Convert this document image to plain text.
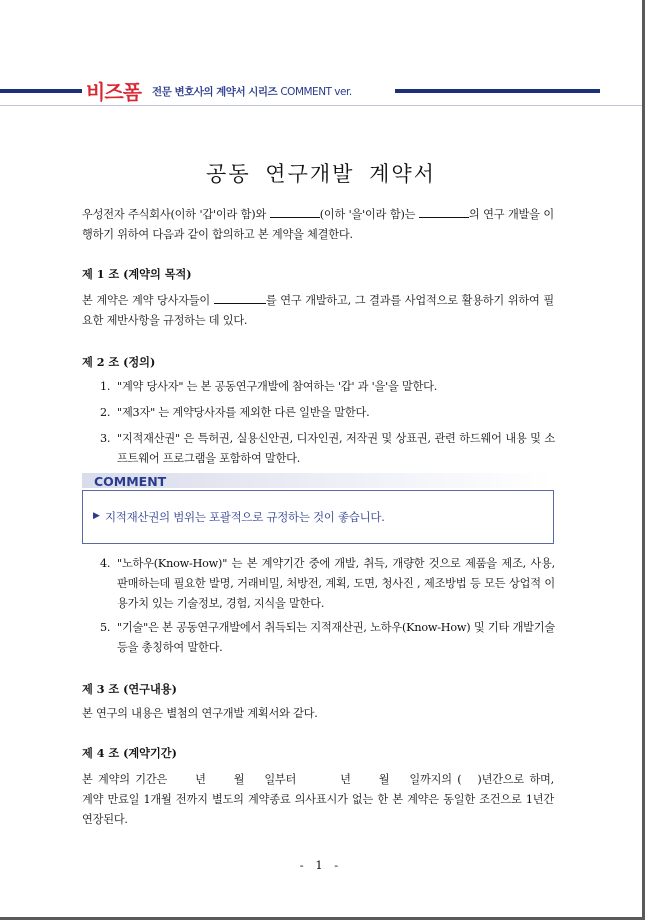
비즈폼 전문 변호사의 계약서 시리즈 COMMENT ver.
공동 연구개발 계약서
우성전자 주식회사(이하 '갑'이라 함)와	(이하 '을'이라 함)는	의 연구 개발을 이행하기 위하여 다음과 같이 합의하고 본 계약을 체결한다.
제 1 조 (계약의 목적)
본 계약은 계약 당사자들이	를 연구 개발하고, 그 결과를 사업적으로 활용하기 위하여 필요한 제반사항을 규정하는 데 있다.
제 2 조 (정의)
1. "계약 당사자" 는 본 공동연구개발에 참여하는 '갑' 과 '을'을 말한다.
2. "제3자" 는 계약당사자를 제외한 다른 일반을 말한다.
3. "지적재산권" 은 특허권, 실용신안권, 디자인권, 저작권 및 상표권, 관련 하드웨어 내용 및 소프트웨어 프로그램을 포함하여 말한다.
COMMENT
▶ 지적재산권의 범위는 포괄적으로 규정하는 것이 좋습니다.
4. "노하우(Know-How)" 는 본 계약기간 중에 개발, 취득, 개량한 것으로 제품을 제조, 사용, 판매하는데 필요한 발명, 거래비밀, 처방전, 계획, 도면, 청사진 , 제조방법 등 모든 상업적 이용가치 있는 기술정보, 경험, 지식을 말한다.
5. "기술"은 본 공동연구개발에서 취득되는 지적재산권, 노하우(Know-How) 및 기타 개발기술 등을 총칭하여 말한다.
제 3 조 (연구내용)
본 연구의 내용은 별첨의 연구개발 계획서와 같다.
제 4 조 (계약기간)
본 계약의 기간은	년	월 일부터	년	월 일까지의 ( )년간으로 하며, 계약 만료일 1개월 전까지 별도의 계약종료 의사표시가 없는 한 본 계약은 동일한 조건으로 1년간 연장된다.
- 1 -
